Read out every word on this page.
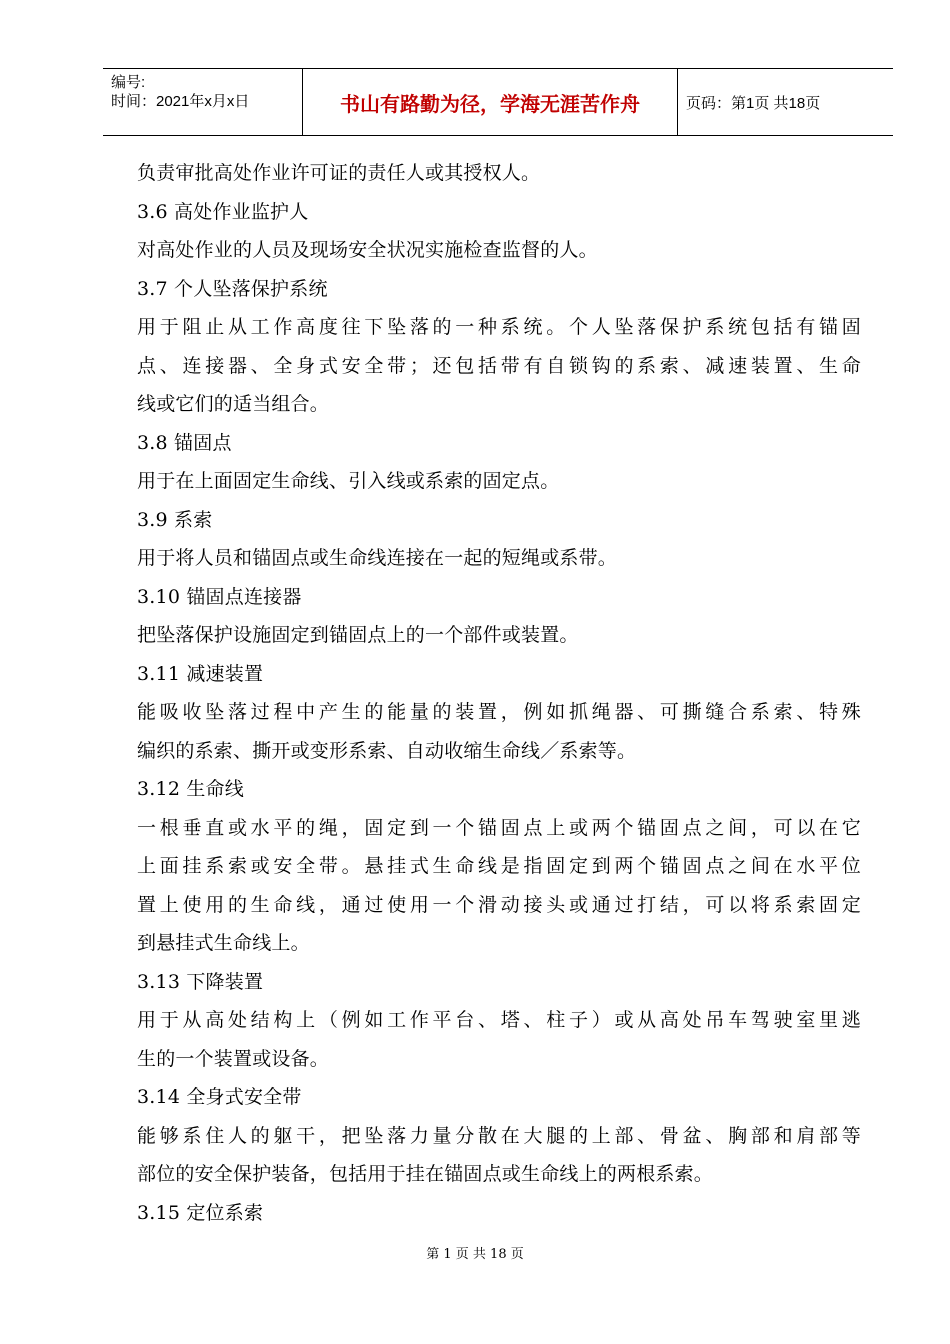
编号:
时间：2021年x月x日	书山有路勤为径，学海无涯苦作舟	页码：第1页 共18页
负责审批高处作业许可证的责任人或其授权人。
3.6 高处作业监护人
对高处作业的人员及现场安全状况实施检查监督的人。
3.7 个人坠落保护系统
用于阻止从工作高度往下坠落的一种系统。个人坠落保护系统包括有锚固
点、连接器、全身式安全带；还包括带有自锁钩的系索、减速装置、生命
线或它们的适当组合。
3.8 锚固点
用于在上面固定生命线、引入线或系索的固定点。
3.9 系索
用于将人员和锚固点或生命线连接在一起的短绳或系带。
3.10 锚固点连接器
把坠落保护设施固定到锚固点上的一个部件或装置。
3.11 减速装置
能吸收坠落过程中产生的能量的装置，例如抓绳器、可撕缝合系索、特殊
编织的系索、撕开或变形系索、自动收缩生命线／系索等。
3.12 生命线
一根垂直或水平的绳，固定到一个锚固点上或两个锚固点之间，可以在它
上面挂系索或安全带。悬挂式生命线是指固定到两个锚固点之间在水平位
置上使用的生命线，通过使用一个滑动接头或通过打结，可以将系索固定
到悬挂式生命线上。
3.13 下降装置
用于从高处结构上（例如工作平台、塔、柱子）或从高处吊车驾驶室里逃
生的一个装置或设备。
3.14 全身式安全带
能够系住人的躯干，把坠落力量分散在大腿的上部、骨盆、胸部和肩部等
部位的安全保护装备，包括用于挂在锚固点或生命线上的两根系索。
3.15 定位系索
第 1 页 共 18 页
